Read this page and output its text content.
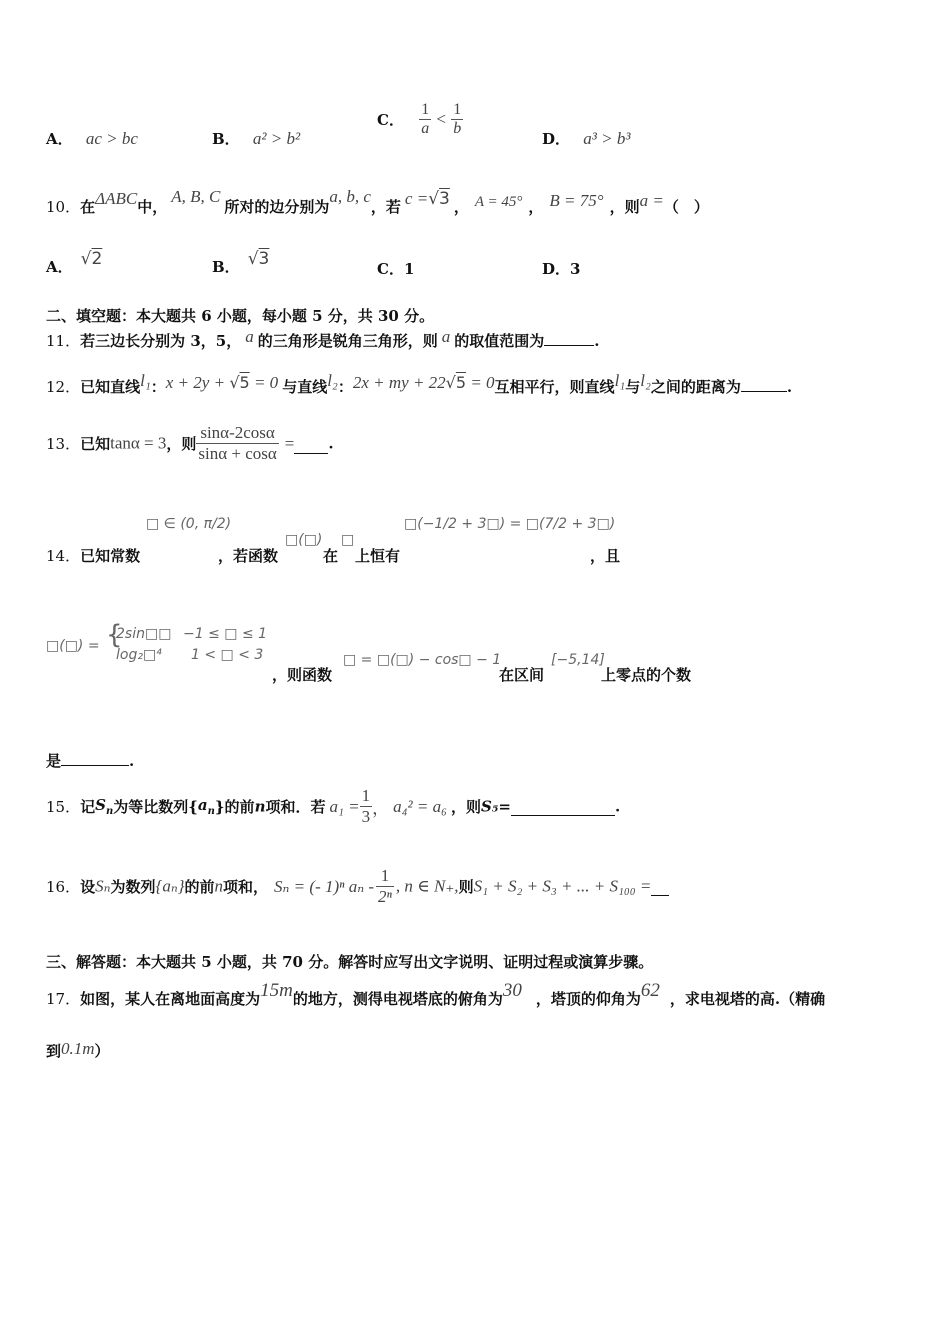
A． ac > bc	B． a² > b²
C． $\frac{1}{a} < \frac{1}{b}$
D． a³ > b³
10．在ΔABC中，A, B, C所对的边分别为a, b, c，若 c =√3 ， A = 45° ， B = 75° ，则a =（　）
A． √2	B． √3	C．1	D．3
二、填空题：本大题共 6 小题，每小题 5 分，共 30 分。
11．若三边长分别为 3，5， a 的三角形是锐角三角形，则 a 的取值范围为	.
12．已知直线l₁：x + 2y + √5 = 0 与直线l₂：2x + my + 22√5 = 0互相平行，则直线l₁与l₂之间的距离为	.
13．已知tanα = 3，则 $\frac{\sin\alpha-2\cos\alpha}{\sin\alpha + \cos\alpha}$ = .
□ ∈ (0, π/2)
□(□) □
□(−1/2 + 3□) = □(7/2 + 3□)
14．已知常数	，若函数	在 上恒有	，且
□(□) = {
2sin□□ −1 ≤ □ ≤ 1
log₂□⁴ 1 < □ < 3
，则函数
□ = □(□) − cos□ − 1
在区间
[−5,14]
上零点的个数
是	.
15．记$S_n$为等比数列$\{a_n\}$的前n项和．若 $a_1 = \frac{1}{3}$ ， a₄² = a₆ ，则S₅=	.
16．设Sₙ为数列{aₙ}的前n项和， Sₙ = (- 1)ⁿ aₙ - $\frac{1}{\text{2ⁿ}}$ , n ∈ N₊,则S₁ + S₂ + S₃ + ... + S₁₀₀ =
三、解答题：本大题共 5 小题，共 70 分。解答时应写出文字说明、证明过程或演算步骤。
17．如图，某人在离地面高度为15m的地方，测得电视塔底的俯角为30 ，塔顶的仰角为62 ，求电视塔的高.（精确
到0.1m）
